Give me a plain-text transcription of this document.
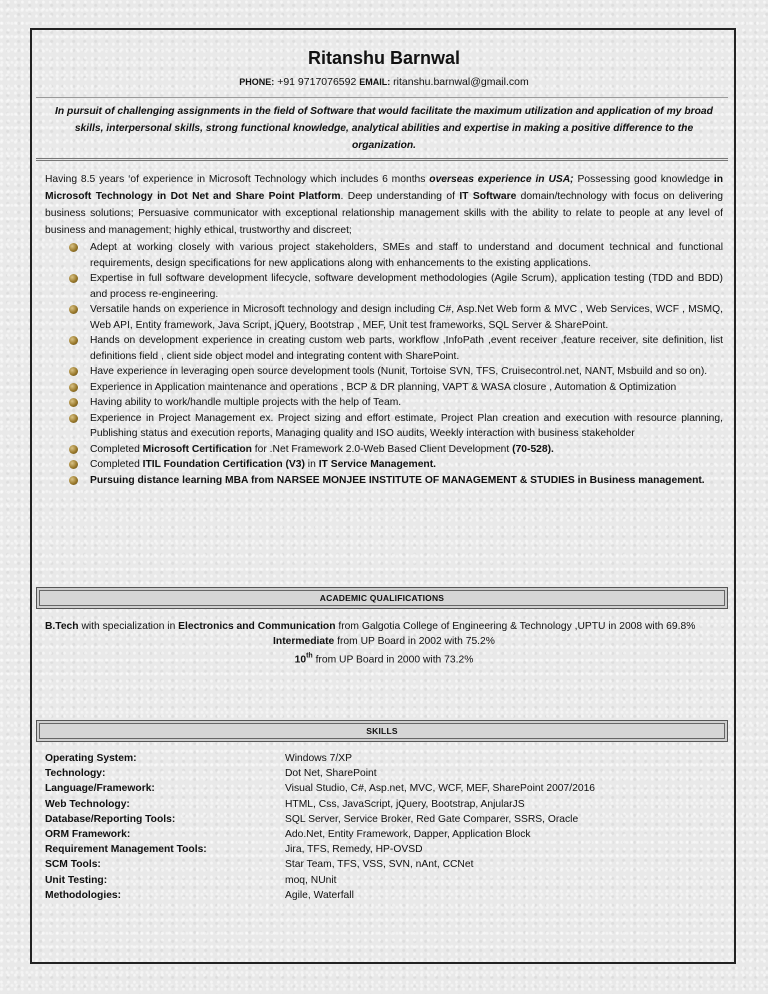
Ritanshu Barnwal
PHONE: +91 9717076592 EMAIL: ritanshu.barnwal@gmail.com
In pursuit of challenging assignments in the field of Software that would facilitate the maximum utilization and application of my broad skills, interpersonal skills, strong functional knowledge, analytical abilities and expertise in making a positive difference to the organization.
Having 8.5 years ‘of experience in Microsoft Technology which includes 6 months overseas experience in USA; Possessing good knowledge in Microsoft Technology in Dot Net and Share Point Platform. Deep understanding of IT Software domain/technology with focus on delivering business solutions; Persuasive communicator with exceptional relationship management skills with the ability to relate to people at any level of business and management; highly ethical, trustworthy and discreet;
Adept at working closely with various project stakeholders, SMEs and staff to understand and document technical and functional requirements, design specifications for new applications along with enhancements to the existing applications.
Expertise in full software development lifecycle, software development methodologies (Agile Scrum), application testing (TDD and BDD) and process re-engineering.
Versatile hands on experience in Microsoft technology and design including C#, Asp.Net Web form & MVC , Web Services, WCF , MSMQ, Web API, Entity framework, Java Script, jQuery, Bootstrap , MEF, Unit test frameworks, SQL Server & SharePoint.
Hands on development experience in creating custom web parts, workflow ,InfoPath ,event receiver ,feature receiver, site definition, list definitions field , client side object model and integrating content with SharePoint.
Have experience in leveraging open source development tools (Nunit, Tortoise SVN, TFS, Cruisecontrol.net, NANT, Msbuild and so on).
Experience in Application maintenance and operations , BCP & DR planning, VAPT & WASA closure , Automation & Optimization
Having ability to work/handle multiple projects with the help of Team.
Experience in Project Management ex. Project sizing and effort estimate, Project Plan creation and execution with resource planning, Publishing status and execution reports, Managing quality and ISO audits, Weekly interaction with business stakeholder
Completed Microsoft Certification for .Net Framework 2.0-Web Based Client Development (70-528).
Completed ITIL Foundation Certification (V3) in IT Service Management.
Pursuing distance learning MBA from NARSEE MONJEE INSTITUTE OF MANAGEMENT & STUDIES in Business management.
ACADEMIC QUALIFICATIONS

B.Tech with specialization in Electronics and Communication from Galgotia College of Engineering & Technology ,UPTU in 2008 with 69.8%

Intermediate from UP Board in 2002 with 75.2%

10th from UP Board in 2000 with 73.2%

SKILLS
Operating System:	Windows 7/XP
Technology:	Dot Net, SharePoint
Language/Framework:	Visual Studio, C#, Asp.net, MVC, WCF, MEF, SharePoint 2007/2016
Web Technology:	HTML, Css, JavaScript, jQuery, Bootstrap, AnjularJS
Database/Reporting Tools:	SQL Server, Service Broker, Red Gate Comparer, SSRS, Oracle
ORM Framework:	Ado.Net, Entity Framework, Dapper, Application Block
Requirement Management Tools:	Jira, TFS, Remedy, HP-OVSD
SCM Tools:	Star Team, TFS, VSS, SVN, nAnt, CCNet
Unit Testing:	moq, NUnit
Methodologies:	Agile, Waterfall
